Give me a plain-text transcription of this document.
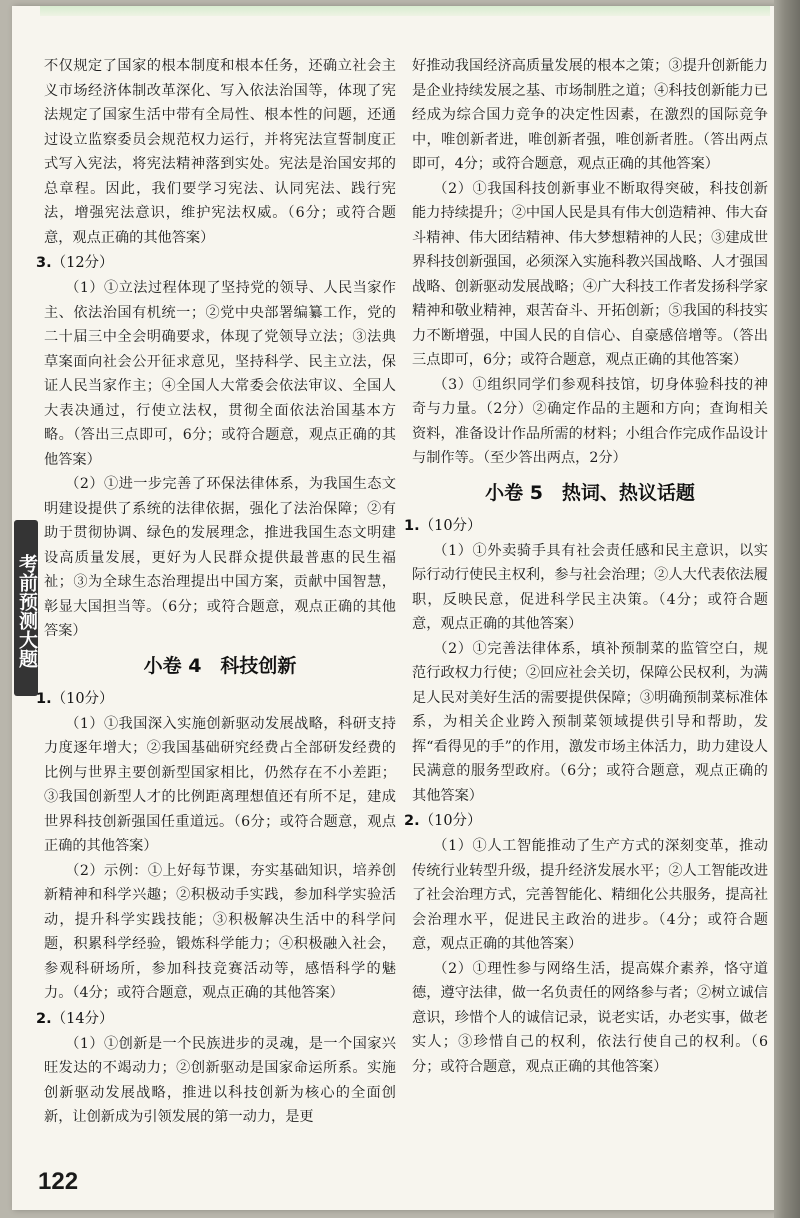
考前预测大题
不仅规定了国家的根本制度和根本任务，还确立社会主义市场经济体制改革深化、写入依法治国等，体现了宪法规定了国家生活中带有全局性、根本性的问题，还通过设立监察委员会规范权力运行，并将宪法宣誓制度正式写入宪法，将宪法精神落到实处。宪法是治国安邦的总章程。因此，我们要学习宪法、认同宪法、践行宪法，增强宪法意识，维护宪法权威。（6分；或符合题意，观点正确的其他答案）
3.（12分）
（1）①立法过程体现了坚持党的领导、人民当家作主、依法治国有机统一；②党中央部署编纂工作，党的二十届三中全会明确要求，体现了党领导立法；③法典草案面向社会公开征求意见，坚持科学、民主立法，保证人民当家作主；④全国人大常委会依法审议、全国人大表决通过，行使立法权，贯彻全面依法治国基本方略。（答出三点即可，6分；或符合题意，观点正确的其他答案）
（2）①进一步完善了环保法律体系，为我国生态文明建设提供了系统的法律依据，强化了法治保障；②有助于贯彻协调、绿色的发展理念，推进我国生态文明建设高质量发展，更好为人民群众提供最普惠的民生福祉；③为全球生态治理提出中国方案，贡献中国智慧，彰显大国担当等。（6分；或符合题意，观点正确的其他答案）
小卷 4　科技创新
1.（10分）
（1）①我国深入实施创新驱动发展战略，科研支持力度逐年增大；②我国基础研究经费占全部研发经费的比例与世界主要创新型国家相比，仍然存在不小差距；③我国创新型人才的比例距离理想值还有所不足，建成世界科技创新强国任重道远。（6分；或符合题意，观点正确的其他答案）
（2）示例：①上好每节课，夯实基础知识，培养创新精神和科学兴趣；②积极动手实践，参加科学实验活动，提升科学实践技能；③积极解决生活中的科学问题，积累科学经验，锻炼科学能力；④积极融入社会，参观科研场所，参加科技竞赛活动等，感悟科学的魅力。（4分；或符合题意，观点正确的其他答案）
2.（14分）
（1）①创新是一个民族进步的灵魂，是一个国家兴旺发达的不竭动力；②创新驱动是国家命运所系。实施创新驱动发展战略，推进以科技创新为核心的全面创新，让创新成为引领发展的第一动力，是更
好推动我国经济高质量发展的根本之策；③提升创新能力是企业持续发展之基、市场制胜之道；④科技创新能力已经成为综合国力竞争的决定性因素，在激烈的国际竞争中，唯创新者进，唯创新者强，唯创新者胜。（答出两点即可，4分；或符合题意，观点正确的其他答案）
（2）①我国科技创新事业不断取得突破，科技创新能力持续提升；②中国人民是具有伟大创造精神、伟大奋斗精神、伟大团结精神、伟大梦想精神的人民；③建成世界科技创新强国，必须深入实施科教兴国战略、人才强国战略、创新驱动发展战略；④广大科技工作者发扬科学家精神和敬业精神，艰苦奋斗、开拓创新；⑤我国的科技实力不断增强，中国人民的自信心、自豪感倍增等。（答出三点即可，6分；或符合题意，观点正确的其他答案）
（3）①组织同学们参观科技馆，切身体验科技的神奇与力量。（2分）②确定作品的主题和方向；查询相关资料，准备设计作品所需的材料；小组合作完成作品设计与制作等。（至少答出两点，2分）
小卷 5　热词、热议话题
1.（10分）
（1）①外卖骑手具有社会责任感和民主意识，以实际行动行使民主权利，参与社会治理；②人大代表依法履职，反映民意，促进科学民主决策。（4分；或符合题意，观点正确的其他答案）
（2）①完善法律体系，填补预制菜的监管空白，规范行政权力行使；②回应社会关切，保障公民权利，为满足人民对美好生活的需要提供保障；③明确预制菜标准体系，为相关企业跨入预制菜领域提供引导和帮助，发挥“看得见的手”的作用，激发市场主体活力，助力建设人民满意的服务型政府。（6分；或符合题意，观点正确的其他答案）
2.（10分）
（1）①人工智能推动了生产方式的深刻变革，推动传统行业转型升级，提升经济发展水平；②人工智能改进了社会治理方式，完善智能化、精细化公共服务，提高社会治理水平，促进民主政治的进步。（4分；或符合题意，观点正确的其他答案）
（2）①理性参与网络生活，提高媒介素养，恪守道德，遵守法律，做一名负责任的网络参与者；②树立诚信意识，珍惜个人的诚信记录，说老实话，办老实事，做老实人；③珍惜自己的权利，依法行使自己的权利。（6分；或符合题意，观点正确的其他答案）
122
